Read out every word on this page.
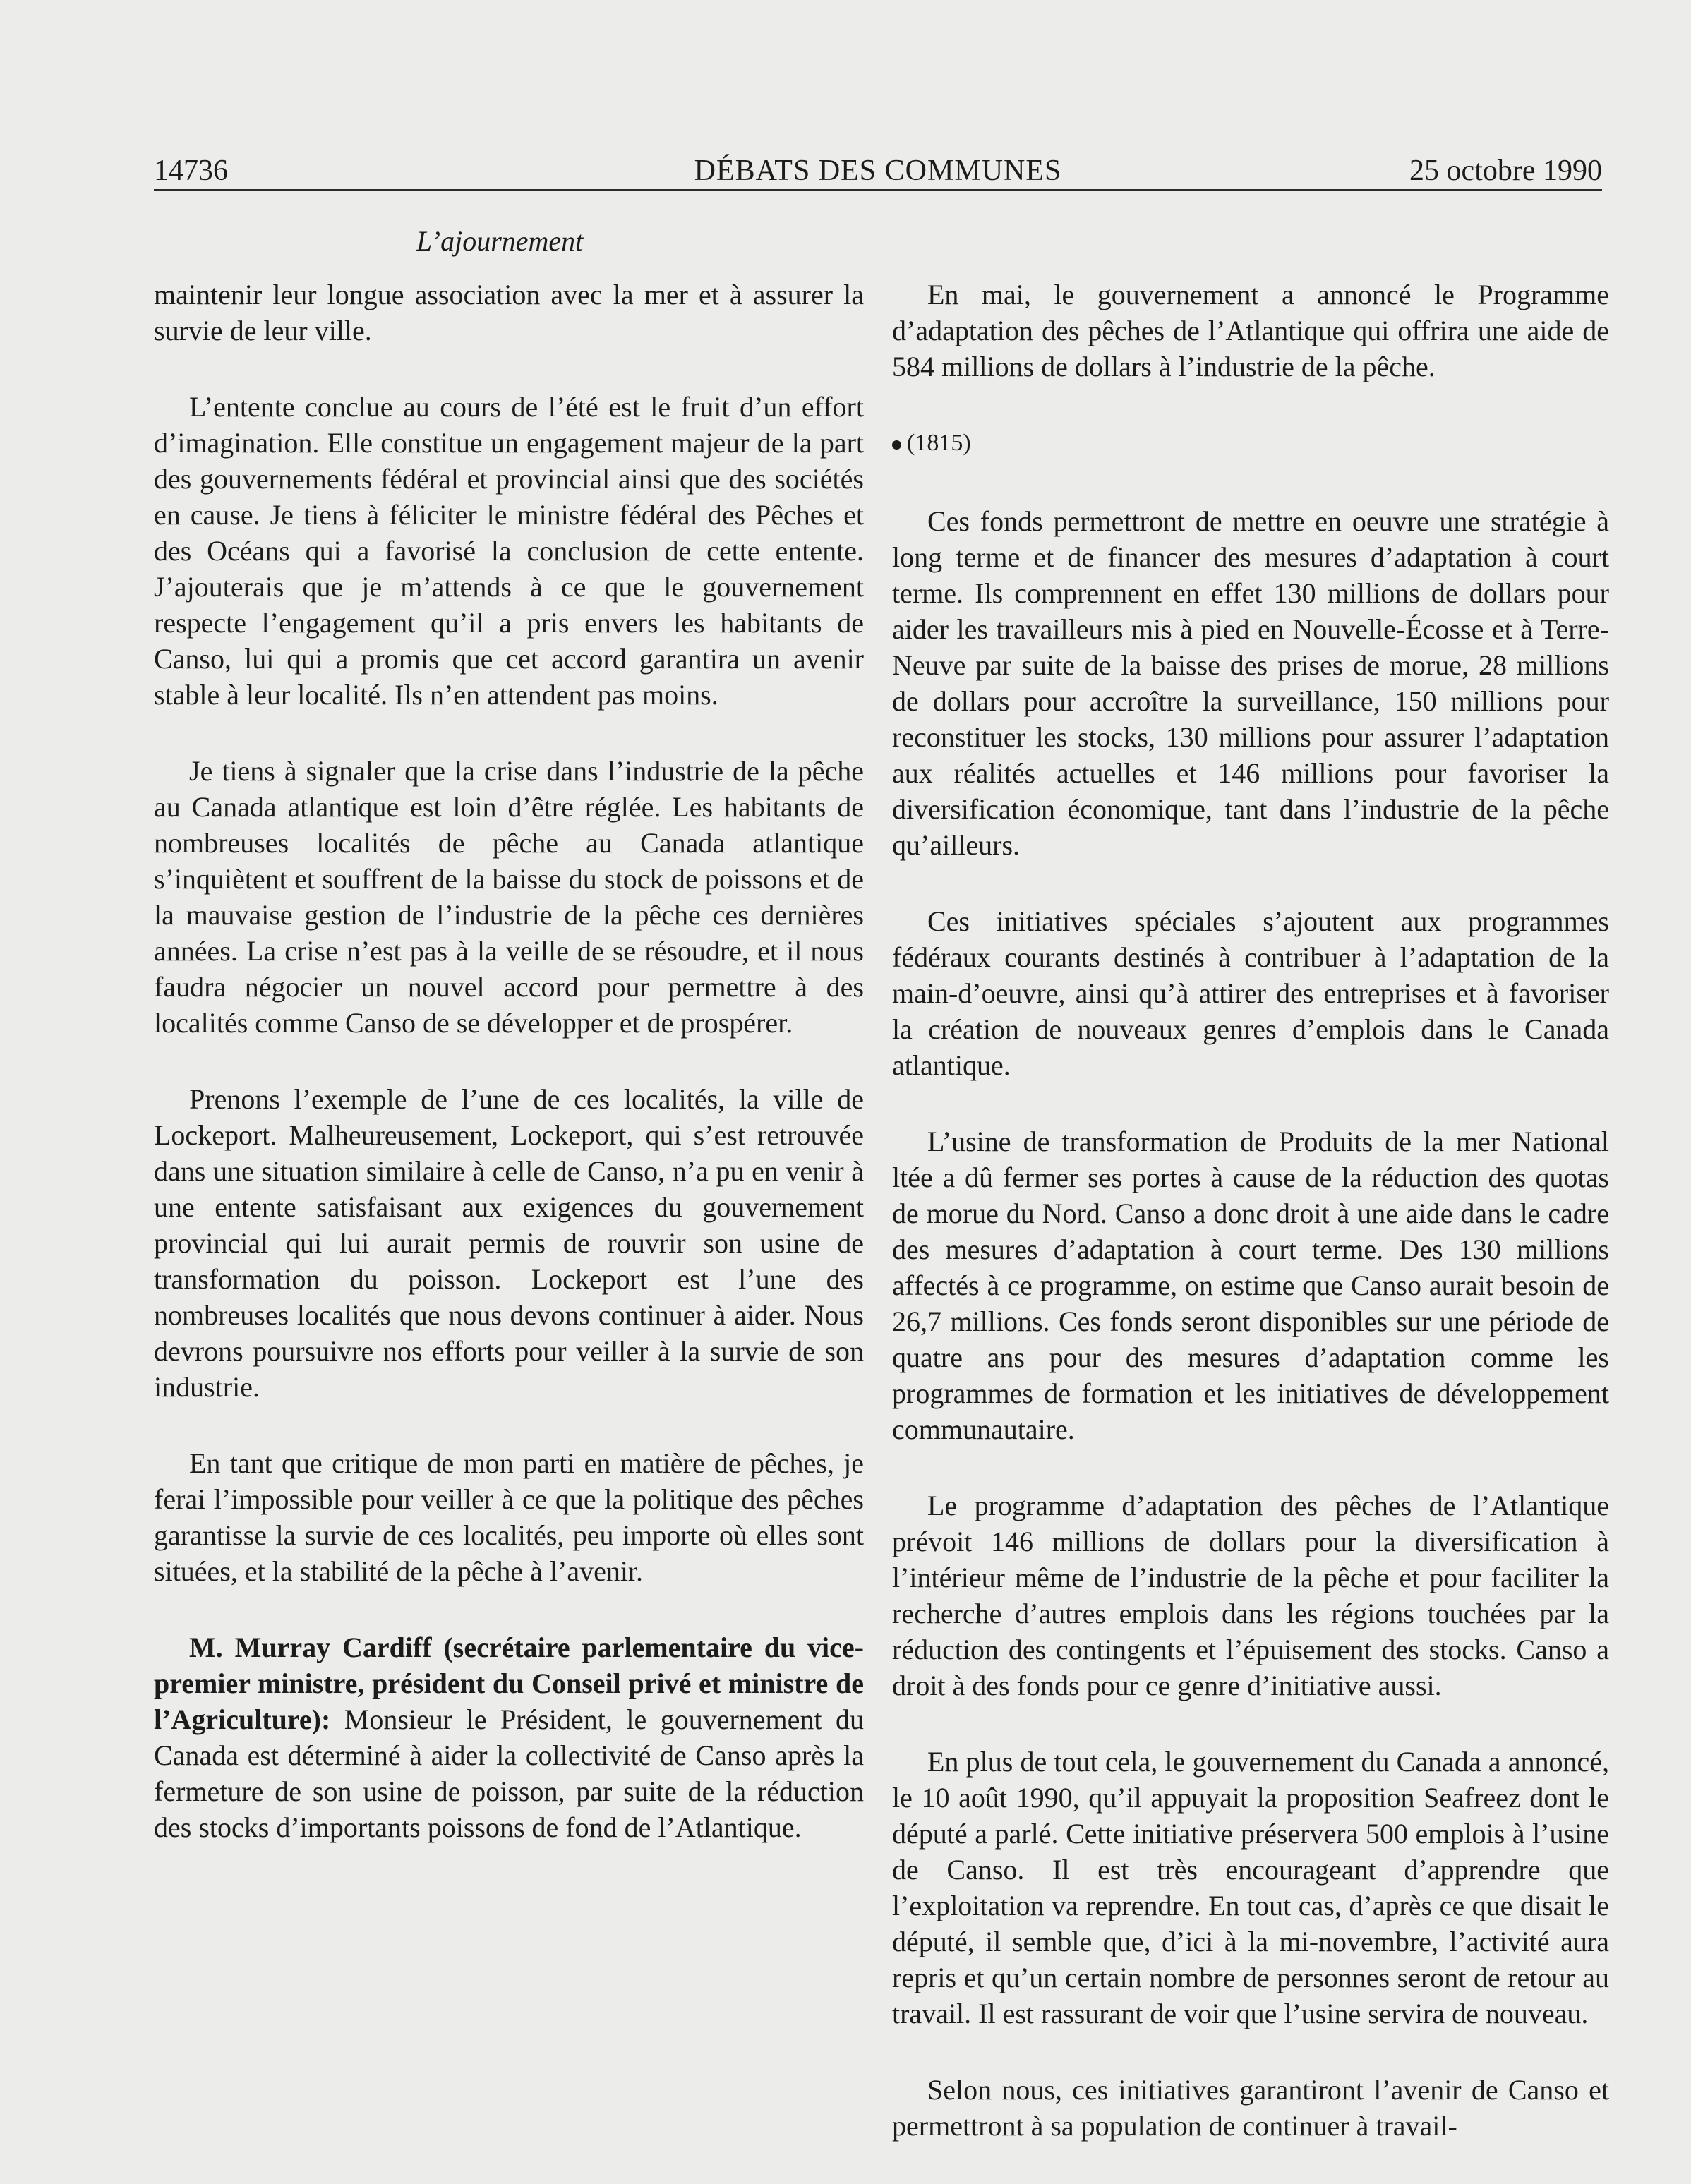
14736	DÉBATS DES COMMUNES	25 octobre 1990
L’ajournement

maintenir leur longue association avec la mer et à assurer la survie de leur ville.

L’entente conclue au cours de l’été est le fruit d’un effort d’imagination. Elle constitue un engagement majeur de la part des gouvernements fédéral et provincial ainsi que des sociétés en cause. Je tiens à féliciter le ministre fédéral des Pêches et des Océans qui a favorisé la conclusion de cette entente. J’ajouterais que je m’attends à ce que le gouvernement respecte l’engagement qu’il a pris envers les habitants de Canso, lui qui a promis que cet accord garantira un avenir stable à leur localité. Ils n’en attendent pas moins.

Je tiens à signaler que la crise dans l’industrie de la pêche au Canada atlantique est loin d’être réglée. Les habitants de nombreuses localités de pêche au Canada atlantique s’inquiètent et souffrent de la baisse du stock de poissons et de la mauvaise gestion de l’industrie de la pêche ces dernières années. La crise n’est pas à la veille de se résoudre, et il nous faudra négocier un nouvel accord pour permettre à des localités comme Canso de se développer et de prospérer.

Prenons l’exemple de l’une de ces localités, la ville de Lockeport. Malheureusement, Lockeport, qui s’est retrouvée dans une situation similaire à celle de Canso, n’a pu en venir à une entente satisfaisant aux exigences du gouvernement provincial qui lui aurait permis de rouvrir son usine de transformation du poisson. Lockeport est l’une des nombreuses localités que nous devons continuer à aider. Nous devrons poursuivre nos efforts pour veiller à la survie de son industrie.

En tant que critique de mon parti en matière de pêches, je ferai l’impossible pour veiller à ce que la politique des pêches garantisse la survie de ces localités, peu importe où elles sont situées, et la stabilité de la pêche à l’avenir.

M. Murray Cardiff (secrétaire parlementaire du vice-premier ministre, président du Conseil privé et ministre de l’Agriculture): Monsieur le Président, le gouvernement du Canada est déterminé à aider la collectivité de Canso après la fermeture de son usine de poisson, par suite de la réduction des stocks d’importants poissons de fond de l’Atlantique.

En mai, le gouvernement a annoncé le Programme d’adaptation des pêches de l’Atlantique qui offrira une aide de 584 millions de dollars à l’industrie de la pêche.

(1815)

Ces fonds permettront de mettre en oeuvre une stratégie à long terme et de financer des mesures d’adaptation à court terme. Ils comprennent en effet 130 millions de dollars pour aider les travailleurs mis à pied en Nouvelle-Écosse et à Terre-Neuve par suite de la baisse des prises de morue, 28 millions de dollars pour accroître la surveillance, 150 millions pour reconstituer les stocks, 130 millions pour assurer l’adaptation aux réalités actuelles et 146 millions pour favoriser la diversification économique, tant dans l’industrie de la pêche qu’ailleurs.

Ces initiatives spéciales s’ajoutent aux programmes fédéraux courants destinés à contribuer à l’adaptation de la main-d’oeuvre, ainsi qu’à attirer des entreprises et à favoriser la création de nouveaux genres d’emplois dans le Canada atlantique.

L’usine de transformation de Produits de la mer National ltée a dû fermer ses portes à cause de la réduction des quotas de morue du Nord. Canso a donc droit à une aide dans le cadre des mesures d’adaptation à court terme. Des 130 millions affectés à ce programme, on estime que Canso aurait besoin de 26,7 millions. Ces fonds seront disponibles sur une période de quatre ans pour des mesures d’adaptation comme les programmes de formation et les initiatives de développement communautaire.

Le programme d’adaptation des pêches de l’Atlantique prévoit 146 millions de dollars pour la diversification à l’intérieur même de l’industrie de la pêche et pour faciliter la recherche d’autres emplois dans les régions touchées par la réduction des contingents et l’épuisement des stocks. Canso a droit à des fonds pour ce genre d’initiative aussi.

En plus de tout cela, le gouvernement du Canada a annoncé, le 10 août 1990, qu’il appuyait la proposition Seafreez dont le député a parlé. Cette initiative préservera 500 emplois à l’usine de Canso. Il est très encourageant d’apprendre que l’exploitation va reprendre. En tout cas, d’après ce que disait le député, il semble que, d’ici à la mi-novembre, l’activité aura repris et qu’un certain nombre de personnes seront de retour au travail. Il est rassurant de voir que l’usine servira de nouveau.

Selon nous, ces initiatives garantiront l’avenir de Canso et permettront à sa population de continuer à travail-
